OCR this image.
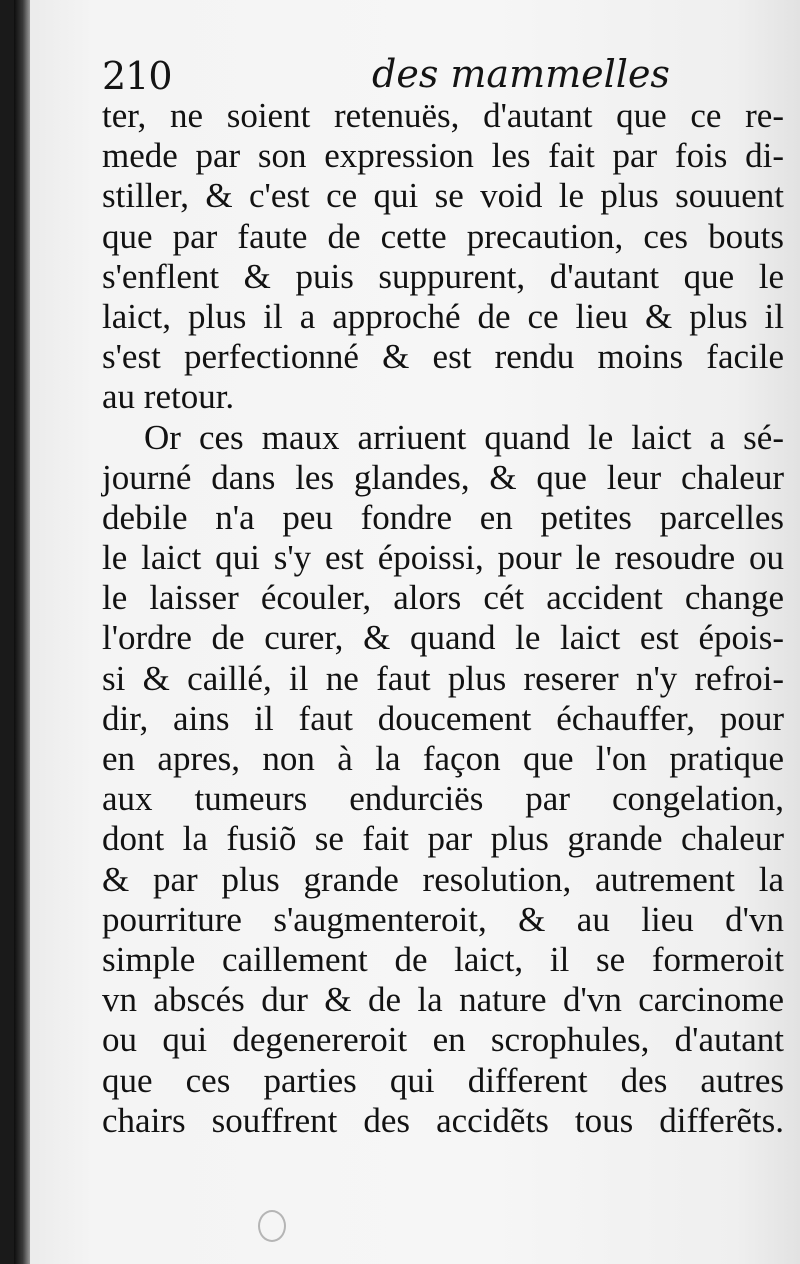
210	des mammelles
ter, ne soient retenuës, d'autant que ce re-
mede par son expression les fait par fois di-
stiller, & c'est ce qui se void le plus souuent
que par faute de cette precaution, ces bouts
s'enflent & puis suppurent, d'autant que le
laict, plus il a approché de ce lieu & plus il
s'est perfectionné & est rendu moins facile
au retour.
Or ces maux arriuent quand le laict a sé-
journé dans les glandes, & que leur chaleur
debile n'a peu fondre en petites parcelles
le laict qui s'y est époissi, pour le resoudre ou
le laisser écouler, alors cét accident change
l'ordre de curer, & quand le laict est épois-
si & caillé, il ne faut plus reserer n'y refroi-
dir, ains il faut doucement échauffer, pour
en apres, non à la façon que l'on pratique
aux tumeurs endurciës par congelation,
dont la fusiõ se fait par plus grande chaleur
& par plus grande resolution, autrement la
pourriture s'augmenteroit, & au lieu d'vn
simple caillement de laict, il se formeroit
vn abscés dur & de la nature d'vn carcinome
ou qui degenereroit en scrophules, d'autant
que ces parties qui different des autres
chairs souffrent des accidẽts tous differẽts.
